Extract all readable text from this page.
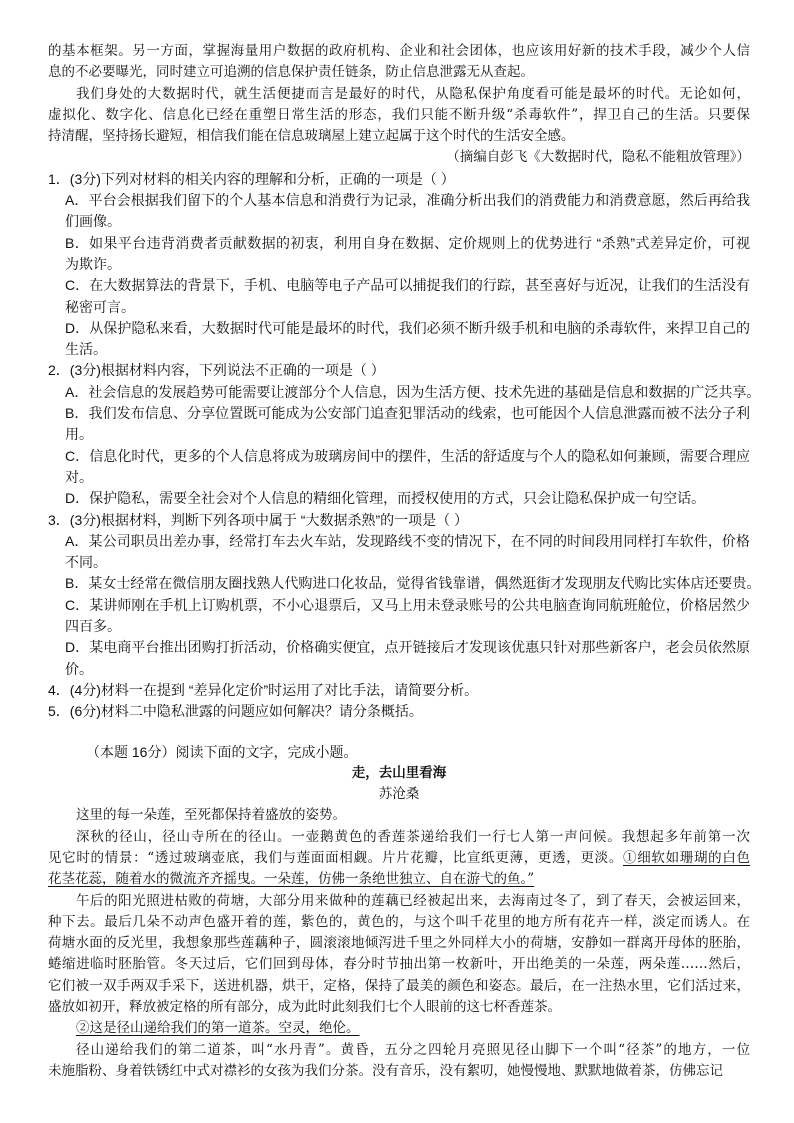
的基本框架。另一方面，掌握海量用户数据的政府机构、企业和社会团体，也应该用好新的技术手段，减少个人信
息的不必要曝光，同时建立可追溯的信息保护责任链条，防止信息泄露无从查起。
我们身处的大数据时代，就生活便捷而言是最好的时代，从隐私保护角度看可能是最坏的时代。无论如何，
虚拟化、数字化、信息化已经在重塑日常生活的形态，我们只能不断升级“杀毒软件”，捍卫自己的生活。只要保
持清醒，坚持扬长避短，相信我们能在信息玻璃屋上建立起属于这个时代的生活安全感。
（摘编自彭飞《大数据时代，隐私不能粗放管理》）
1．(3分)下列对材料的相关内容的理解和分析，正确的一项是（ ）
A．平台会根据我们留下的个人基本信息和消费行为记录，准确分析出我们的消费能力和消费意愿，然后再给我
们画像。
B．如果平台违背消费者贡献数据的初衷，利用自身在数据、定价规则上的优势进行 “杀熟”式差异定价，可视
为欺诈。
C．在大数据算法的背景下，手机、电脑等电子产品可以捕捉我们的行踪，甚至喜好与近况，让我们的生活没有
秘密可言。
D．从保护隐私来看，大数据时代可能是最坏的时代，我们必须不断升级手机和电脑的杀毒软件，来捍卫自己的
生活。
2．(3分)根据材料内容，下列说法不正确的一项是（ ）
A．社会信息的发展趋势可能需要让渡部分个人信息，因为生活方便、技术先进的基础是信息和数据的广泛共享。
B．我们发布信息、分享位置既可能成为公安部门追查犯罪活动的线索，也可能因个人信息泄露而被不法分子利
用。
C．信息化时代，更多的个人信息将成为玻璃房间中的摆件，生活的舒适度与个人的隐私如何兼顾，需要合理应
对。
D．保护隐私，需要全社会对个人信息的精细化管理，而授权使用的方式，只会让隐私保护成一句空话。
3．(3分)根据材料，判断下列各项中属于 “大数据杀熟”的一项是（ ）
A．某公司职员出差办事，经常打车去火车站，发现路线不变的情况下，在不同的时间段用同样打车软件，价格
不同。
B．某女士经常在微信朋友圈找熟人代购进口化妆品，觉得省钱靠谱，偶然逛街才发现朋友代购比实体店还要贵。
C．某讲师刚在手机上订购机票，不小心退票后，又马上用未登录账号的公共电脑查询同航班舱位，价格居然少
四百多。
D．某电商平台推出团购打折活动，价格确实便宜，点开链接后才发现该优惠只针对那些新客户，老会员依然原
价。
4．(4分)材料一在提到 “差异化定价”时运用了对比手法，请简要分析。
5．(6分)材料二中隐私泄露的问题应如何解决？请分条概括。
（本题 16分）阅读下面的文字，完成小题。
走，去山里看海
苏沧桑
这里的每一朵莲，至死都保持着盛放的姿势。
深秋的径山，径山寺所在的径山。一壶鹅黄色的香莲茶递给我们一行七人第一声问候。我想起多年前第一次
见它时的情景：“透过玻璃壶底，我们与莲面面相觑。片片花瓣，比宣纸更薄，更透，更淡。①细软如珊瑚的白色
花茎花蕊，随着水的微流齐齐摇曳。一朵莲，仿佛一条绝世独立、自在游弋的鱼。”
午后的阳光照进枯败的荷塘，大部分用来做种的莲藕已经被起出来，去海南过冬了，到了春天，会被运回来，
种下去。最后几朵不动声色盛开着的莲，紫色的，黄色的，与这个叫千花里的地方所有花卉一样，淡定而诱人。在
荷塘水面的反光里，我想象那些莲藕种子，圆滚滚地倾泻进千里之外同样大小的荷塘，安静如一群离开母体的胚胎，
蜷缩进临时胚胎管。冬天过后，它们回到母体，春分时节抽出第一枚新叶，开出绝美的一朵莲，两朵莲……然后，
它们被一双手两双手采下，送进机器，烘干，定格，保持了最美的颜色和姿态。最后，在一注热水里，它们活过来，
盛放如初开，释放被定格的所有部分，成为此时此刻我们七个人眼前的这七杯香莲茶。
②这是径山递给我们的第一道茶。空灵，绝伦。
径山递给我们的第二道茶，叫“水丹青”。黄昏，五分之四轮月亮照见径山脚下一个叫“径茶”的地方，一位
未施脂粉、身着铁锈红中式对襟衫的女孩为我们分茶。没有音乐，没有絮叨，她慢慢地、默默地做着茶，仿佛忘记
